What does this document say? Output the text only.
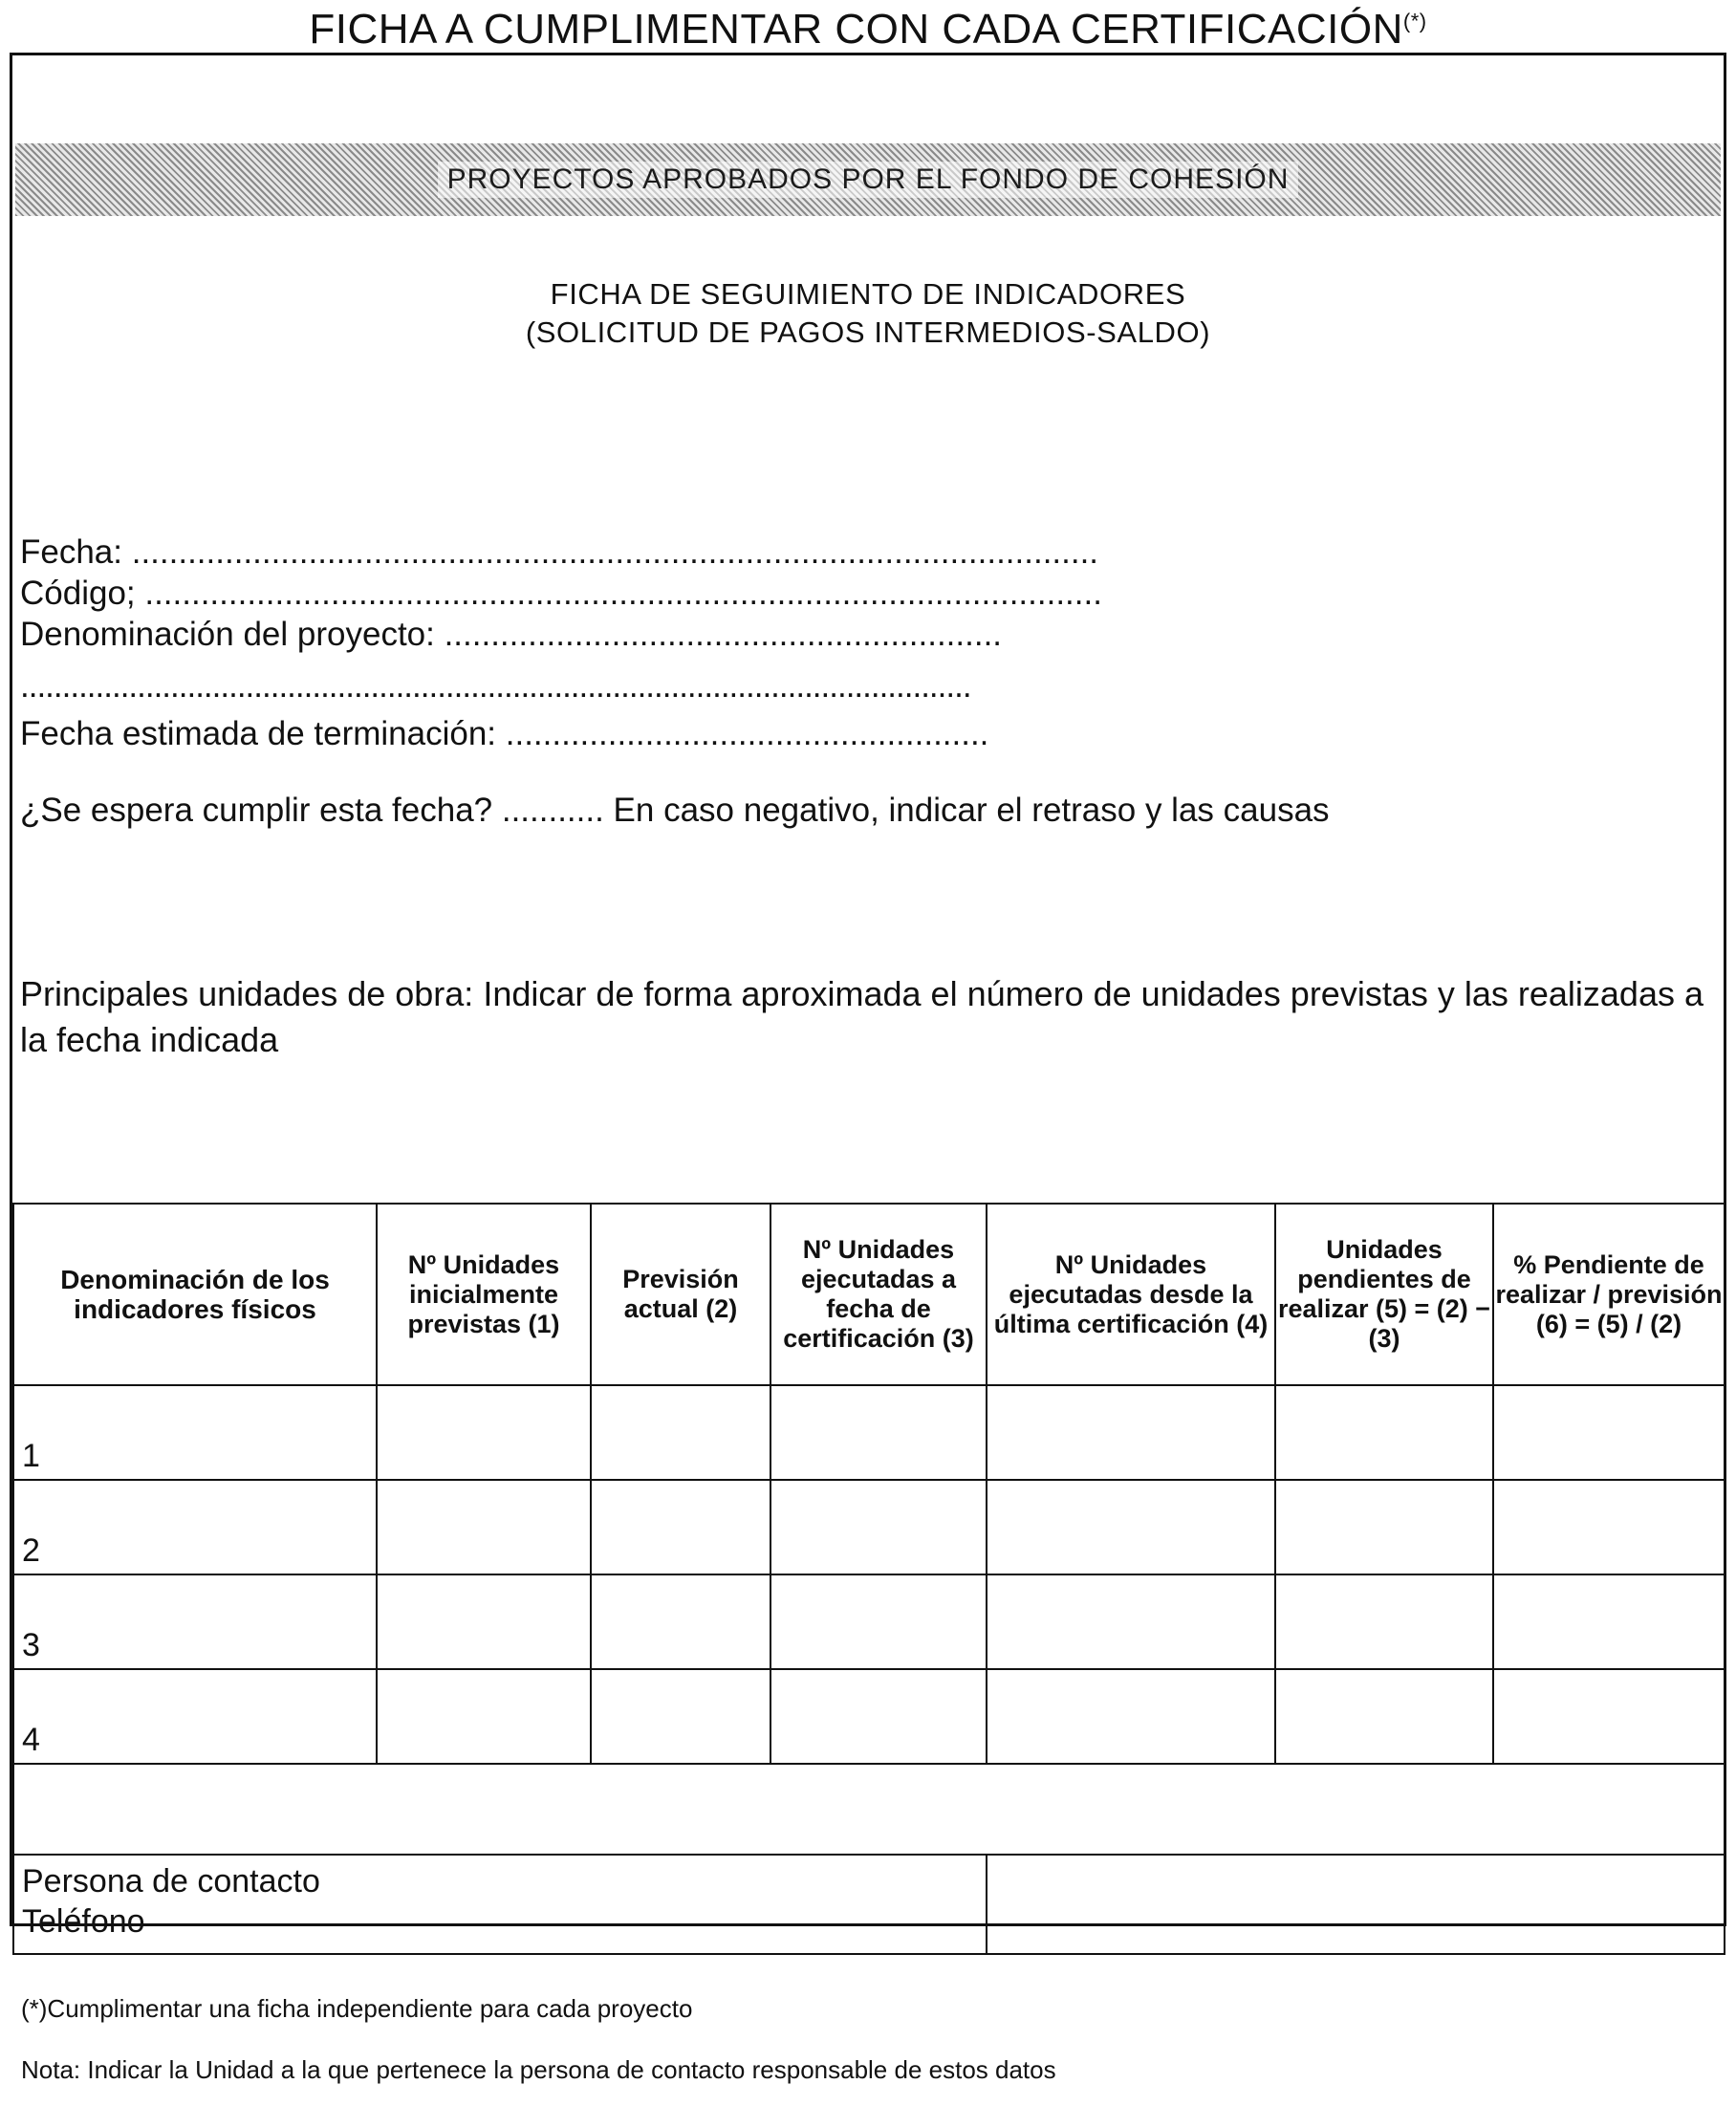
FICHA A CUMPLIMENTAR CON CADA CERTIFICACIÓN(*)
PROYECTOS APROBADOS POR EL FONDO DE COHESIÓN
FICHA DE SEGUIMIENTO DE INDICADORES
(SOLICITUD DE PAGOS INTERMEDIOS-SALDO)
Fecha: ........................................................................................................
Código; .......................................................................................................
Denominación del proyecto: ............................................................
..................................................................................................................
Fecha estimada de terminación: ....................................................
¿Se espera cumplir esta fecha? ........... En caso negativo, indicar el retraso y las causas
Principales unidades de obra: Indicar de forma aproximada el número de unidades previstas y las realizadas a la fecha indicada
Denominación de los indicadores físicos	Nº Unidades inicialmente previstas (1)	Previsión actual (2)	Nº Unidades ejecutadas a fecha de certificación (3)	Nº Unidades ejecutadas desde la última certificación (4)	Unidades pendientes de realizar (5) = (2) − (3)	% Pendiente de realizar / previsión (6) = (5) / (2)
1						
2						
3						
4						

Persona de contacto
Teléfono						

(*)Cumplimentar una ficha independiente para cada proyecto
Nota: Indicar la Unidad a la que pertenece la persona de contacto responsable de estos datos
